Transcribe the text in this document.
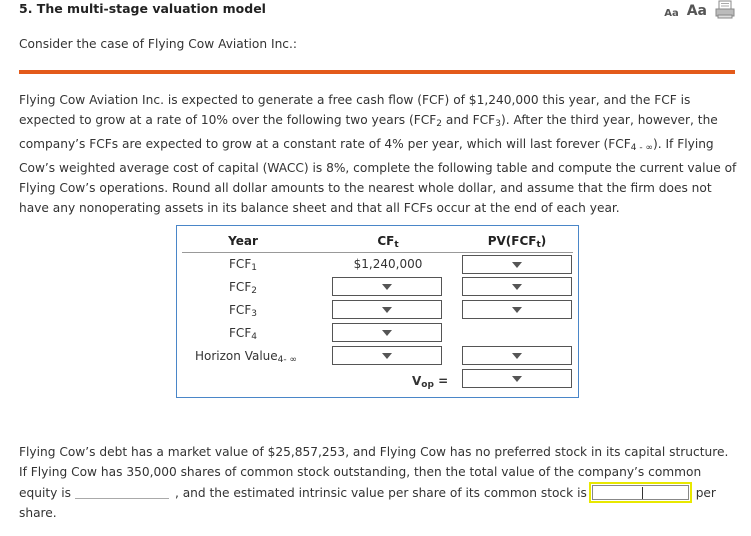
5. The multi-stage valuation model	Aa Aa
Consider the case of Flying Cow Aviation Inc.:
Flying Cow Aviation Inc. is expected to generate a free cash flow (FCF) of $1,240,000 this year, and the FCF is expected to grow at a rate of 10% over the following two years ($FCF_2$ and $FCF_3$). After the third year, however, the company’s FCFs are expected to grow at a constant rate of 4% per year, which will last forever $(FCF_{4 - \infty})$. If Flying Cow’s weighted average cost of capital (WACC) is 8%, complete the following table and compute the current value of Flying Cow’s operations. Round all dollar amounts to the nearest whole dollar, and assume that the firm does not have any nonoperating assets in its balance sheet and that all FCFs occur at the end of each year.
Year	$CF_t$	$PV(FCF_t)$
$FCF_1$	$1,240,000
$FCF_2$
$FCF_3$
$FCF_4$
Horizon Value$_{4- \infty}$
$V_{op}$ =
Flying Cow’s debt has a market value of $25,857,253, and Flying Cow has no preferred stock in its capital structure. If Flying Cow has 350,000 shares of common stock outstanding, then the total value of the company’s common equity is	, and the estimated intrinsic value per share of its common stock is	per share.
